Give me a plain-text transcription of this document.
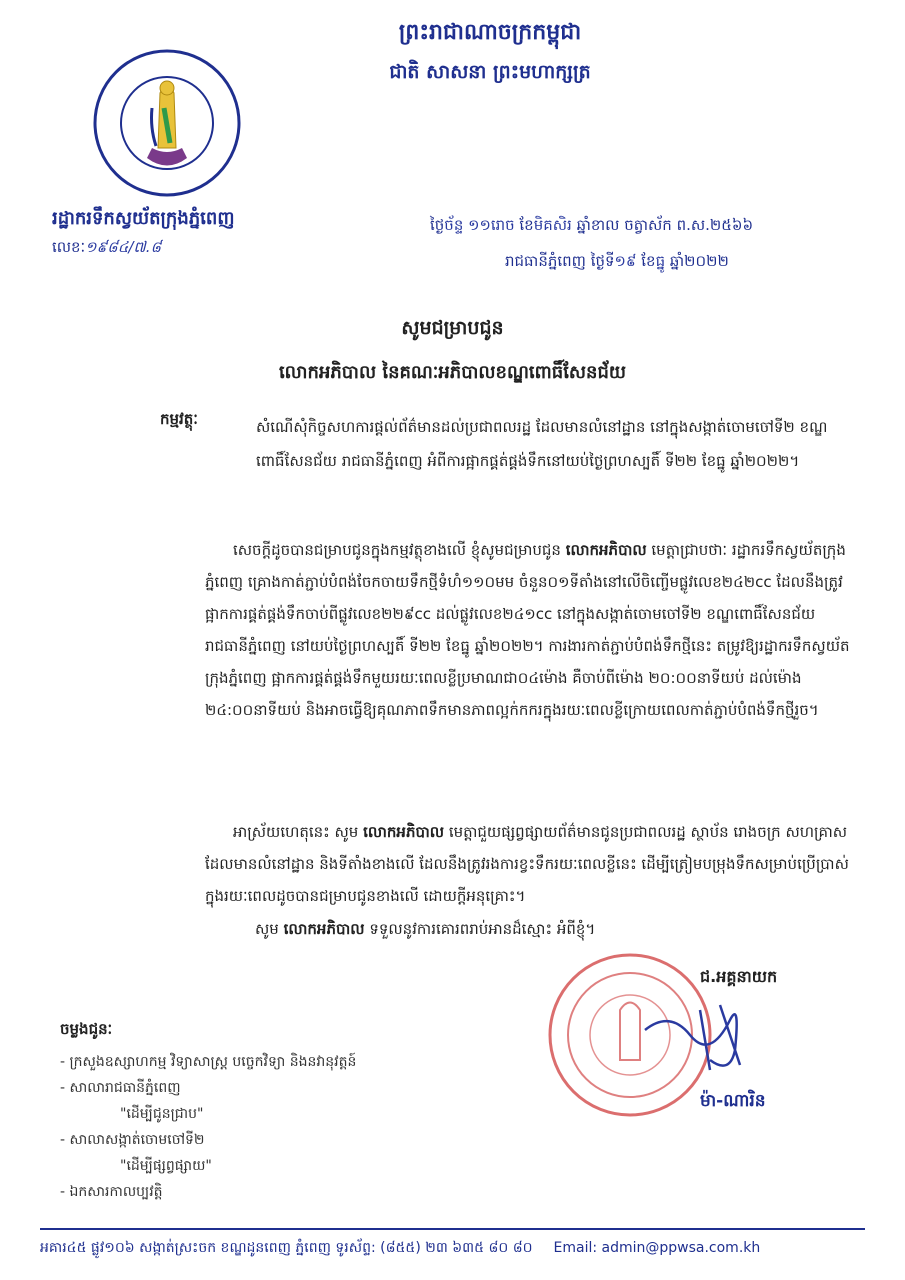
ព្រះរាជាណាចក្រកម្ពុជា
ជាតិ សាសនា ព្រះមហាក្សត្រ
រដ្ឋាករទឹកស្វយ័តក្រុងភ្នំពេញ
លេខៈ១៩៨៤/៧.៨
ថ្ងៃច័ន្ទ ១១រោច ខែមិគសិរ ឆ្នាំខាល ចត្វាស័ក ព.ស.២៥៦៦
រាជធានីភ្នំពេញ ថ្ងៃទី១៩ ខែធ្នូ ឆ្នាំ២០២២
សូមជម្រាបជូន
លោកអភិបាល នៃគណៈអភិបាលខណ្ឌពោធិ៍សែនជ័យ
កម្មវត្ថុៈ	សំណើសុំកិច្ចសហការផ្តល់ព័ត៌មានដល់ប្រជាពលរដ្ឋ ដែលមានលំនៅដ្ឋាន នៅក្នុងសង្កាត់ចោមចៅទី២ ខណ្ឌពោធិ៍សែនជ័យ រាជធានីភ្នំពេញ អំពីការផ្អាកផ្គត់ផ្គង់ទឹកនៅយប់ថ្ងៃព្រហស្បតិ៍ ទី២២ ខែធ្នូ ឆ្នាំ២០២២។
សេចក្តីដូចបានជម្រាបជូនក្នុងកម្មវត្ថុខាងលើ ខ្ញុំសូមជម្រាបជូន លោកអភិបាល មេត្តាជ្រាបថាៈ រដ្ឋាករទឹកស្វយ័តក្រុងភ្នំពេញ គ្រោងកាត់ភ្ជាប់បំពង់ចែកចាយទឹកថ្មីទំហំ១១០មម ចំនួន០១ទីតាំងនៅលើចិញ្ចើមផ្លូវលេខ២៤២cc ដែលនឹងត្រូវផ្អាកការផ្គត់ផ្គង់ទឹកចាប់ពីផ្លូវលេខ២២៩cc ដល់ផ្លូវលេខ២៤១cc នៅក្នុងសង្កាត់ចោមចៅទី២ ខណ្ឌពោធិ៍សែនជ័យ រាជធានីភ្នំពេញ នៅយប់ថ្ងៃព្រហស្បតិ៍ ទី២២ ខែធ្នូ ឆ្នាំ២០២២។ ការងារកាត់ភ្ជាប់បំពង់ទឹកថ្មីនេះ តម្រូវឱ្យរដ្ឋាករទឹកស្វយ័តក្រុងភ្នំពេញ ផ្អាកការផ្គត់ផ្គង់ទឹកមួយរយៈពេលខ្លីប្រមាណជា០៤ម៉ោង គឺចាប់ពីម៉ោង ២០:០០នាទីយប់ ដល់ម៉ោង ២៤:០០នាទីយប់ និងអាចធ្វើឱ្យគុណភាពទឹកមានភាពល្អក់កករក្នុងរយៈពេលខ្លីក្រោយពេលកាត់ភ្ជាប់បំពង់ទឹកថ្មីរួច។
អាស្រ័យហេតុនេះ សូម លោកអភិបាល មេត្តាជួយផ្សព្វផ្សាយព័ត៌មានជូនប្រជាពលរដ្ឋ ស្ថាប័ន រោងចក្រ សហគ្រាស ដែលមានលំនៅដ្ឋាន និងទីតាំងខាងលើ ដែលនឹងត្រូវរងការខ្វះទឹករយៈពេលខ្លីនេះ ដើម្បីត្រៀមបម្រុងទឹកសម្រាប់ប្រើប្រាស់ក្នុងរយៈពេលដូចបានជម្រាបជូនខាងលើ ដោយក្តីអនុគ្រោះ។
សូម លោកអភិបាល ទទួលនូវការគោរពរាប់អានដ៏ស្មោះ អំពីខ្ញុំ។
ជ.អគ្គនាយក
ម៉ា-ណារិន
ចម្លងជូនៈ
- ក្រសួងឧស្សាហកម្ម វិទ្យាសាស្ត្រ បច្ចេកវិទ្យា និងនវានុវត្តន៍
- សាលារាជធានីភ្នំពេញ
"ដើម្បីជូនជ្រាប"
- សាលាសង្កាត់ចោមចៅទី២
"ដើម្បីផ្សព្វផ្សាយ"
- ឯកសារកាលប្បវត្តិ
អគារ៤៥ ផ្លូវ១០៦ សង្កាត់ស្រះចក ខណ្ឌដូនពេញ ភ្នំពេញ ទូរស័ព្ទ: (៨៥៥) ២៣ ៦៣៥ ៨០ ៨០ Email: admin@ppwsa.com.kh
